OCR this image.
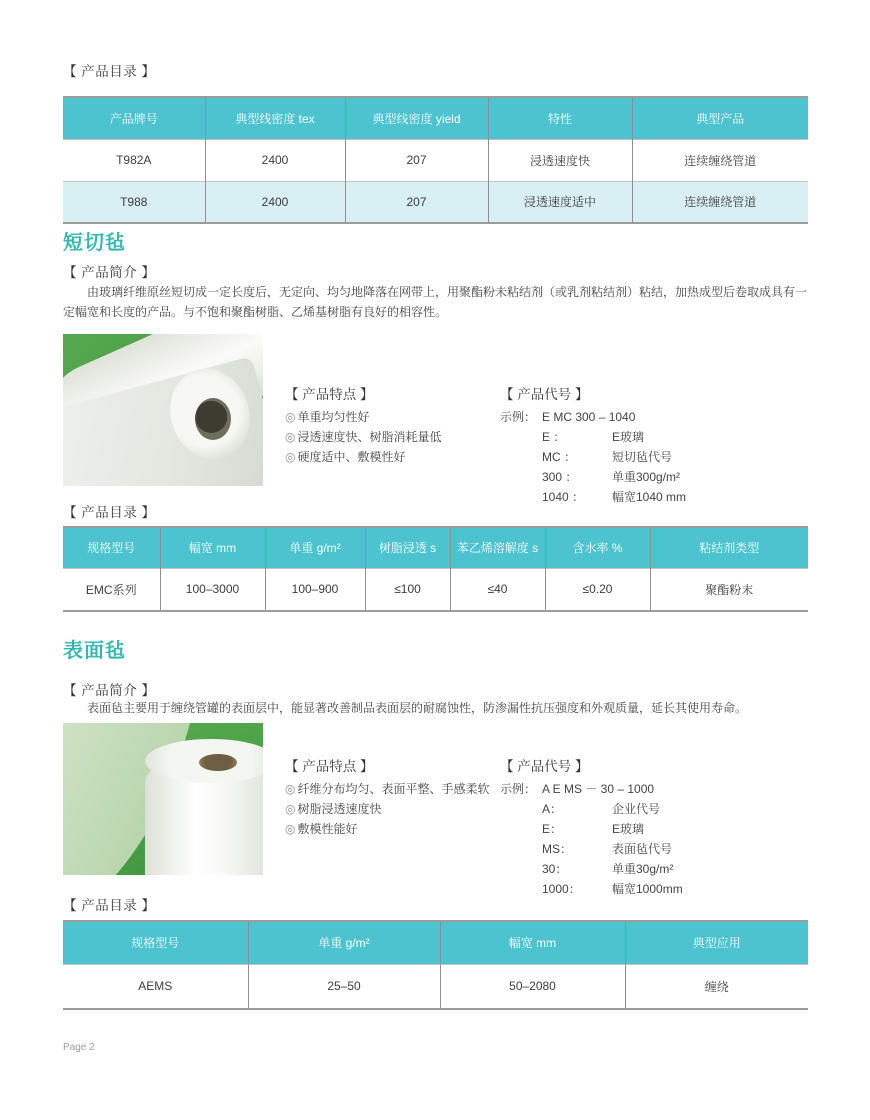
【 产品目录 】
产品牌号	典型线密度 tex	典型线密度 yield	特性	典型产品
T982A	2400	207	浸透速度快	连续缠绕管道
T988	2400	207	浸透速度适中	连续缠绕管道
短切毡
【 产品简介 】

由玻璃纤维原丝短切成一定长度后，无定向、均匀地降落在网带上，用聚酯粉未粘结剂（或乳剂粘结剂）粘结，加热成型后卷取成具有一定幅宽和长度的产品。与不饱和聚酯树脂、乙烯基树脂有良好的相容性。

【 产品特点 】
◎ 单重均匀性好
◎ 浸透速度快、树脂消耗量低
◎ 硬度适中、敷模性好
【 产品代号 】
示例： E MC 300 – 1040
E ：	E玻璃
MC ：	短切毡代号
300 ：	单重300g/m²
1040 ： 幅宽1040 mm
【 产品目录 】
规格型号	幅宽 mm	单重 g/m²	树脂浸透 s	苯乙烯溶解度 s	含水率 %	粘结剂类型
EMC系列	100–3000	100–900	≤100	≤40	≤0.20	聚酯粉末
表面毡
【 产品简介 】

表面毡主要用于缠绕管罐的表面层中，能显著改善制品表面层的耐腐蚀性，防渗漏性抗压强度和外观质量，延长其使用寿命。

【 产品特点 】
◎ 纤维分布均匀、表面平整、手感柔软
◎ 树脂浸透速度快
◎ 敷模性能好
【 产品代号 】
示例： A E MS － 30 – 1000
A：	企业代号
E：	E玻璃
MS：	表面毡代号
30：	单重30g/m²
1000：	幅宽1000mm
【 产品目录 】
规格型号	单重 g/m²	幅宽 mm	典型应用
AEMS	25–50	50–2080	缠绕
Page 2
